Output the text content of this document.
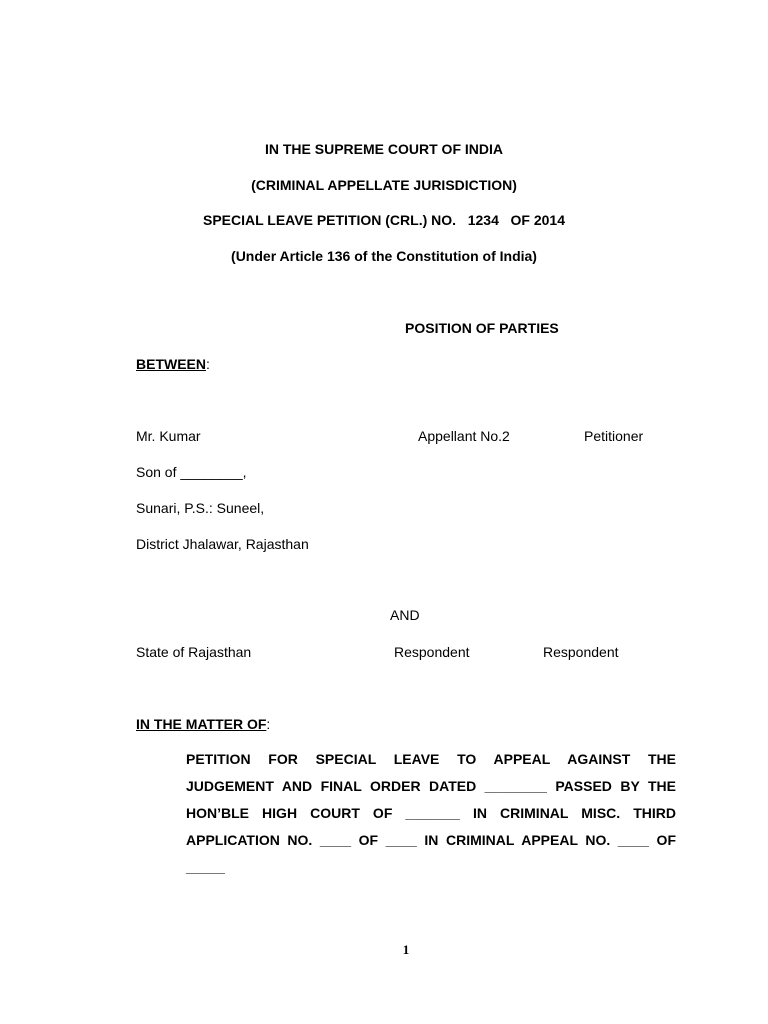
IN THE SUPREME COURT OF INDIA
(CRIMINAL APPELLATE JURISDICTION)
SPECIAL LEAVE PETITION (CRL.) NO.   1234   OF 2014
(Under Article 136 of the Constitution of India)
POSITION OF PARTIES
BETWEEN:
Mr. Kumar	Appellant No.2	Petitioner
Son of ________,
Sunari, P.S.: Suneel,
District Jhalawar, Rajasthan
AND
State of Rajasthan	Respondent	Respondent
IN THE MATTER OF:
PETITION FOR SPECIAL LEAVE TO APPEAL AGAINST THE
JUDGEMENT AND FINAL ORDER DATED ________ PASSED BY THE
HON’BLE HIGH COURT OF _______ IN CRIMINAL MISC. THIRD
APPLICATION NO. ____ OF ____ IN CRIMINAL APPEAL NO. ____ OF
_____
1
